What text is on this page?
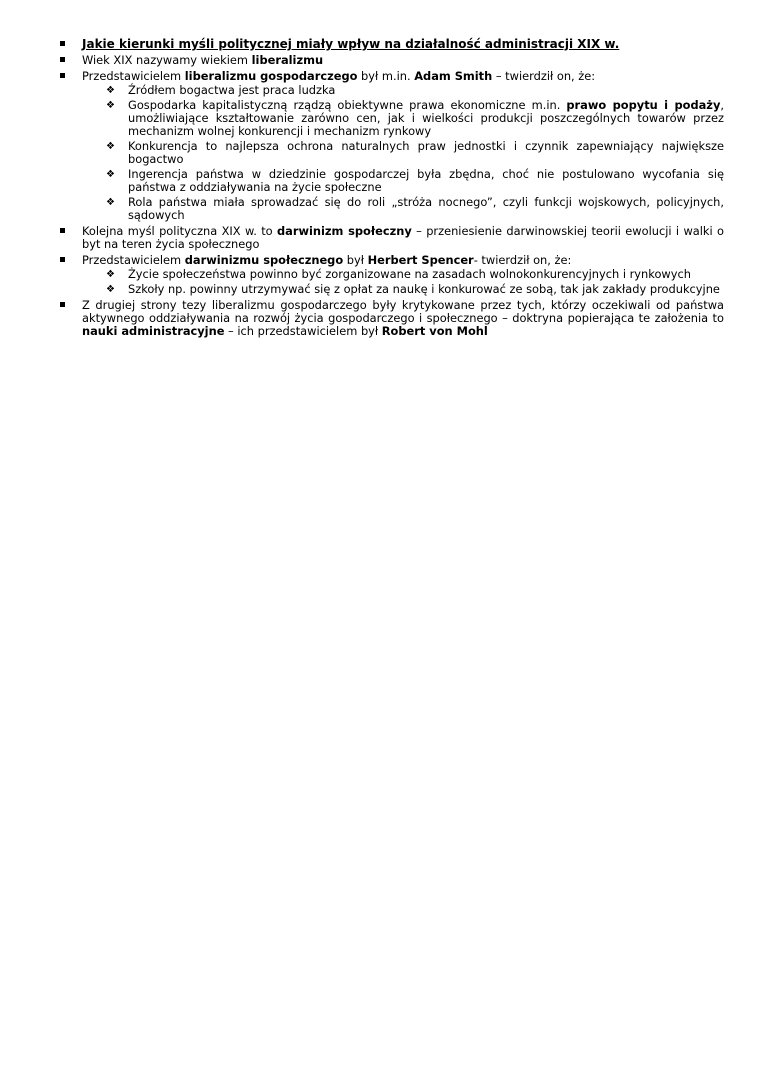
Jakie kierunki myśli politycznej miały wpływ na działalność administracji XIX w.
Wiek XIX nazywamy wiekiem liberalizmu
Przedstawicielem liberalizmu gospodarczego był m.in. Adam Smith – twierdził on, że:
❖ Źródłem bogactwa jest praca ludzka
❖ Gospodarka kapitalistyczną rządzą obiektywne prawa ekonomiczne m.in. prawo popytu i podaży, umożliwiające kształtowanie zarówno cen, jak i wielkości produkcji poszczególnych towarów przez mechanizm wolnej konkurencji i mechanizm rynkowy
❖ Konkurencja to najlepsza ochrona naturalnych praw jednostki i czynnik zapewniający największe bogactwo
❖ Ingerencja państwa w dziedzinie gospodarczej była zbędna, choć nie postulowano wycofania się państwa z oddziaływania na życie społeczne
❖ Rola państwa miała sprowadzać się do roli „stróża nocnego”, czyli funkcji wojskowych, policyjnych, sądowych
Kolejna myśl polityczna XIX w. to darwinizm społeczny – przeniesienie darwinowskiej teorii ewolucji i walki o byt na teren życia społecznego
Przedstawicielem darwinizmu społecznego był Herbert Spencer- twierdził on, że:
❖ Życie społeczeństwa powinno być zorganizowane na zasadach wolnokonkurencyjnych i rynkowych
❖ Szkoły np. powinny utrzymywać się z opłat za naukę i konkurować ze sobą, tak jak zakłady produkcyjne
Z drugiej strony tezy liberalizmu gospodarczego były krytykowane przez tych, którzy oczekiwali od państwa aktywnego oddziaływania na rozwój życia gospodarczego i społecznego – doktryna popierająca te założenia to nauki administracyjne – ich przedstawicielem był Robert von Mohl
